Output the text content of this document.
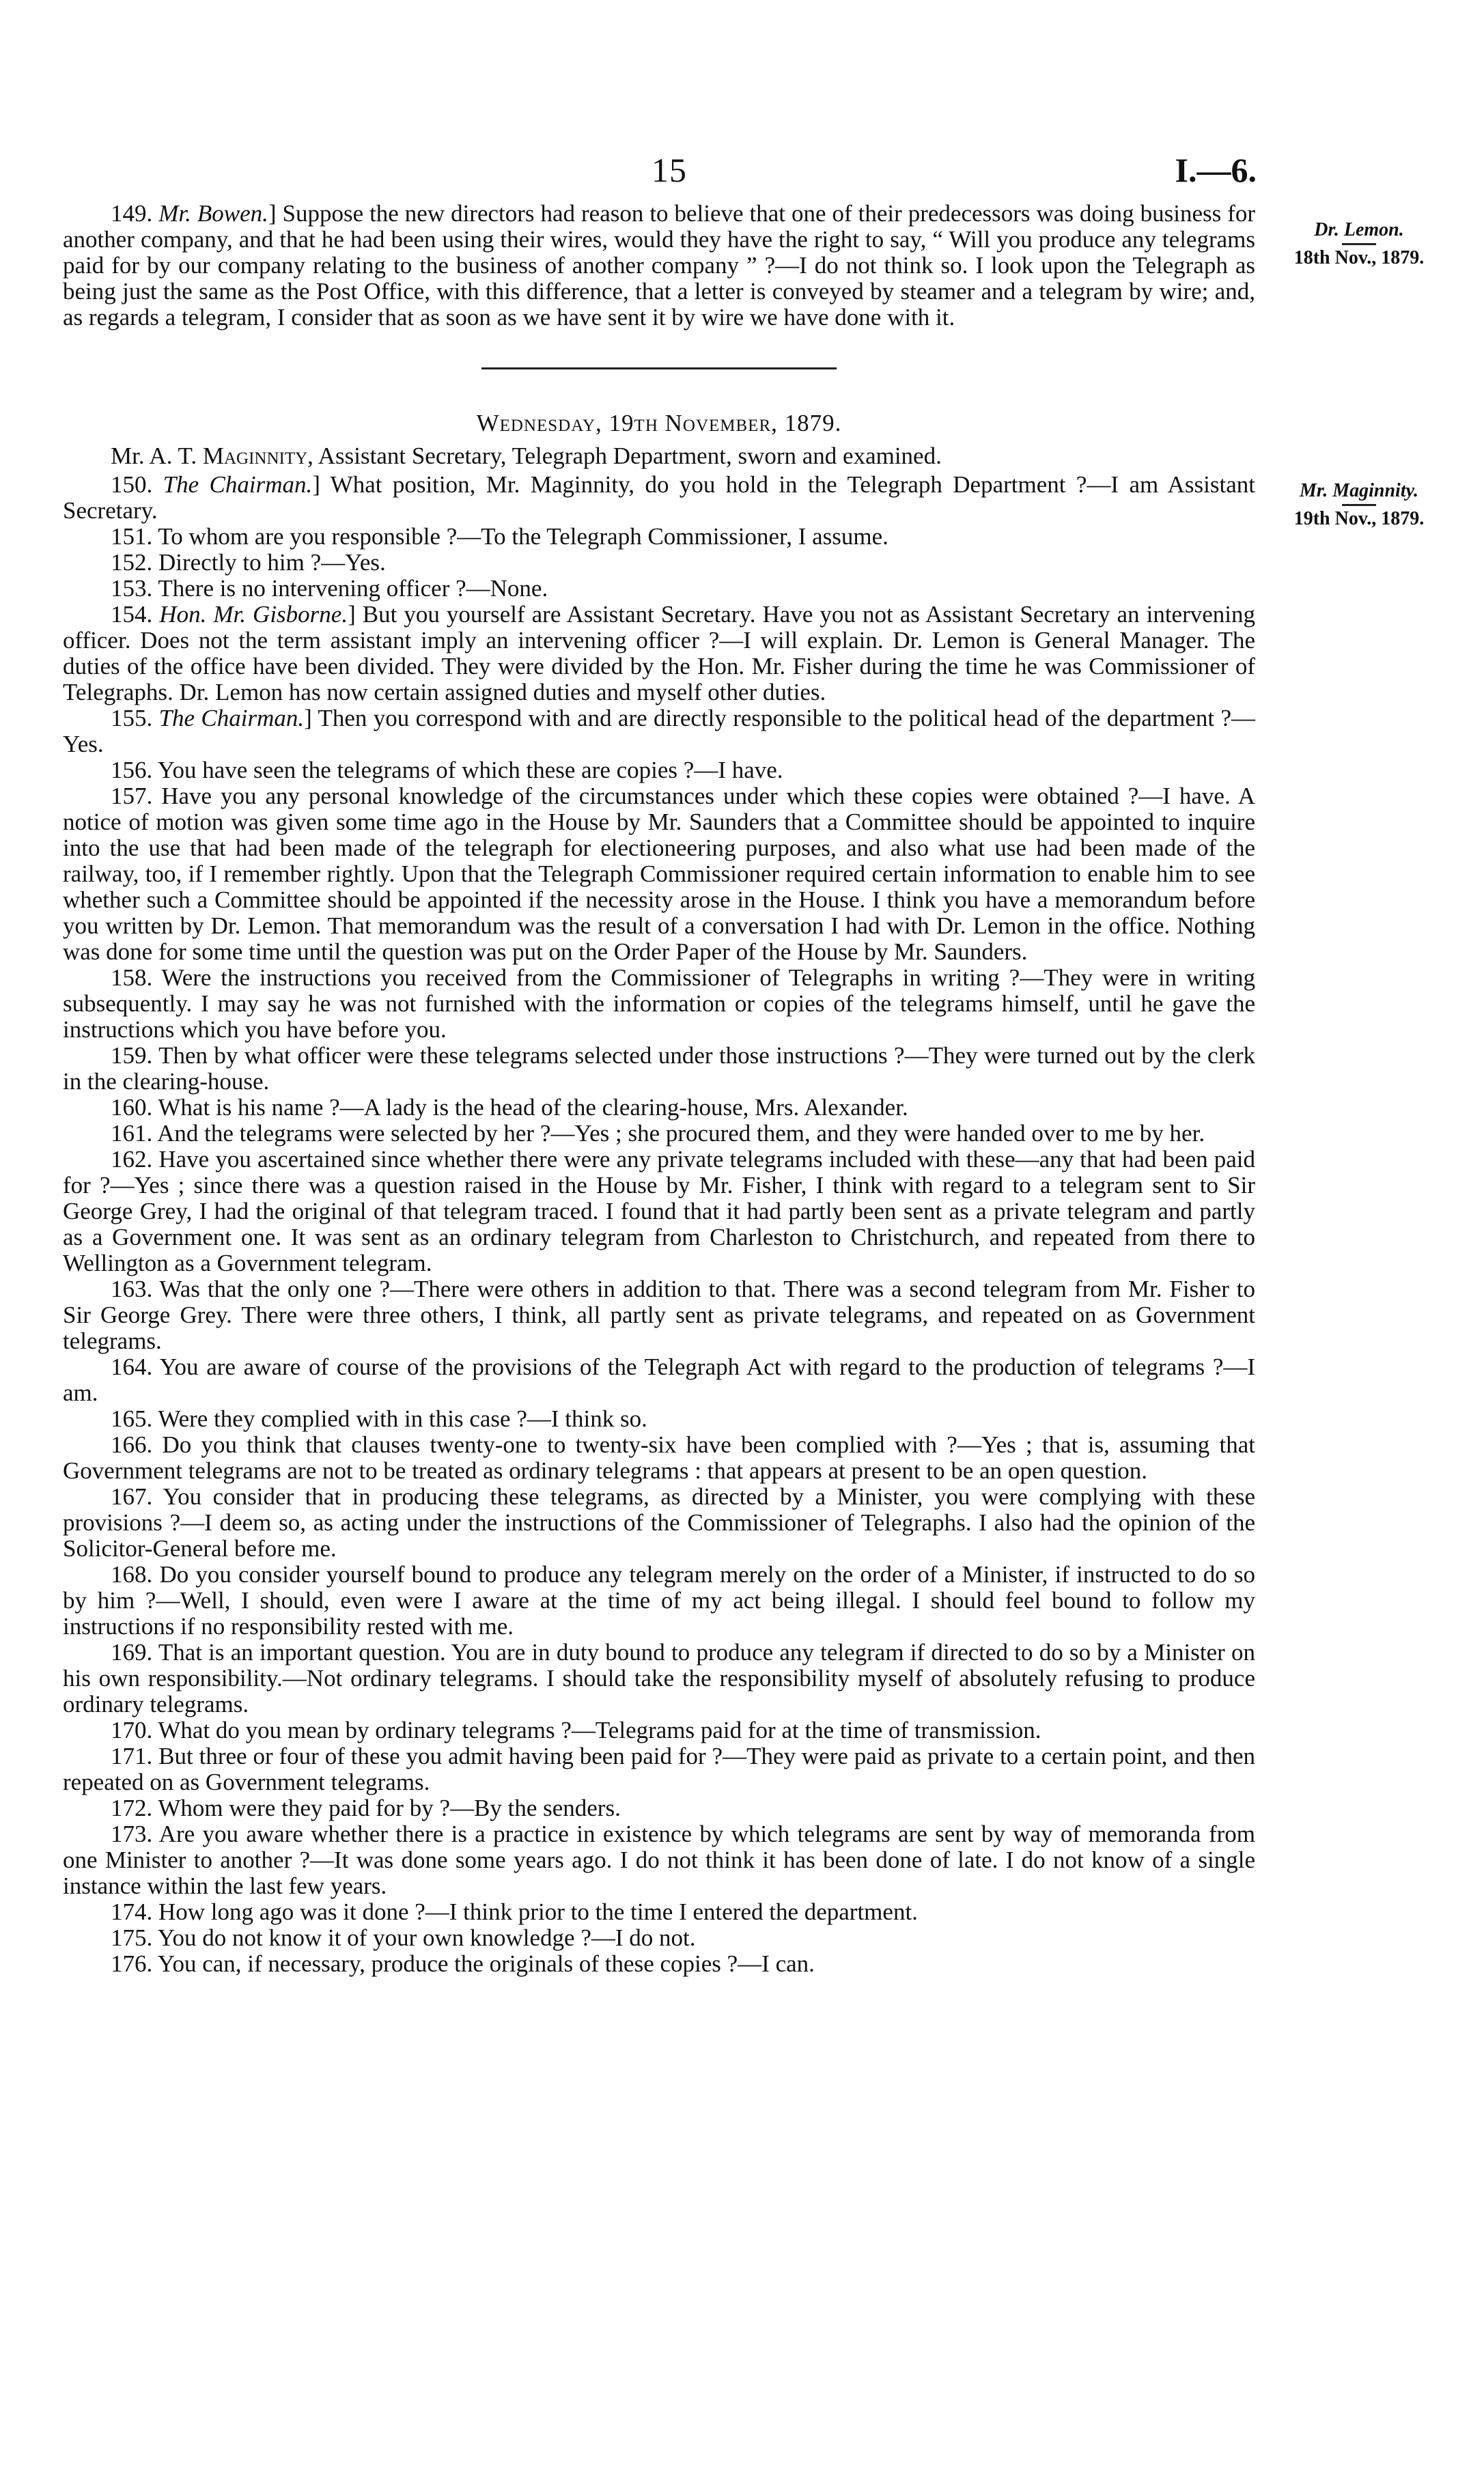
15	I.—6.
Dr. Lemon.
18th Nov., 1879.
Mr. Maginnity.
19th Nov., 1879.

149. Mr. Bowen.] Suppose the new directors had reason to believe that one of their predecessors was doing business for another company, and that he had been using their wires, would they have the right to say, “ Will you produce any telegrams paid for by our company relating to the business of another company ” ?—I do not think so. I look upon the Telegraph as being just the same as the Post Office, with this difference, that a letter is conveyed by steamer and a telegram by wire; and, as regards a telegram, I consider that as soon as we have sent it by wire we have done with it.

Wednesday, 19th November, 1879.

Mr. A. T. Maginnity, Assistant Secretary, Telegraph Department, sworn and examined.

150. The Chairman.] What position, Mr. Maginnity, do you hold in the Telegraph Department ?—I am Assistant Secretary.

151. To whom are you responsible ?—To the Telegraph Commissioner, I assume.

152. Directly to him ?—Yes.

153. There is no intervening officer ?—None.

154. Hon. Mr. Gisborne.] But you yourself are Assistant Secretary. Have you not as Assistant Secretary an intervening officer. Does not the term assistant imply an intervening officer ?—I will explain. Dr. Lemon is General Manager. The duties of the office have been divided. They were divided by the Hon. Mr. Fisher during the time he was Commissioner of Telegraphs. Dr. Lemon has now certain assigned duties and myself other duties.

155. The Chairman.] Then you correspond with and are directly responsible to the political head of the department ?—Yes.

156. You have seen the telegrams of which these are copies ?—I have.

157. Have you any personal knowledge of the circumstances under which these copies were obtained ?—I have. A notice of motion was given some time ago in the House by Mr. Saunders that a Committee should be appointed to inquire into the use that had been made of the telegraph for electioneering purposes, and also what use had been made of the railway, too, if I remember rightly. Upon that the Telegraph Commissioner required certain information to enable him to see whether such a Committee should be appointed if the necessity arose in the House. I think you have a memorandum before you written by Dr. Lemon. That memorandum was the result of a conversation I had with Dr. Lemon in the office. Nothing was done for some time until the question was put on the Order Paper of the House by Mr. Saunders.

158. Were the instructions you received from the Commissioner of Telegraphs in writing ?—They were in writing subsequently. I may say he was not furnished with the information or copies of the telegrams himself, until he gave the instructions which you have before you.

159. Then by what officer were these telegrams selected under those instructions ?—They were turned out by the clerk in the clearing-house.

160. What is his name ?—A lady is the head of the clearing-house, Mrs. Alexander.

161. And the telegrams were selected by her ?—Yes ; she procured them, and they were handed over to me by her.

162. Have you ascertained since whether there were any private telegrams included with these—any that had been paid for ?—Yes ; since there was a question raised in the House by Mr. Fisher, I think with regard to a telegram sent to Sir George Grey, I had the original of that telegram traced. I found that it had partly been sent as a private telegram and partly as a Government one. It was sent as an ordinary telegram from Charleston to Christchurch, and repeated from there to Wellington as a Government telegram.

163. Was that the only one ?—There were others in addition to that. There was a second telegram from Mr. Fisher to Sir George Grey. There were three others, I think, all partly sent as private telegrams, and repeated on as Government telegrams.

164. You are aware of course of the provisions of the Telegraph Act with regard to the production of telegrams ?—I am.

165. Were they complied with in this case ?—I think so.

166. Do you think that clauses twenty-one to twenty-six have been complied with ?—Yes ; that is, assuming that Government telegrams are not to be treated as ordinary telegrams : that appears at present to be an open question.

167. You consider that in producing these telegrams, as directed by a Minister, you were complying with these provisions ?—I deem so, as acting under the instructions of the Commissioner of Telegraphs. I also had the opinion of the Solicitor-General before me.

168. Do you consider yourself bound to produce any telegram merely on the order of a Minister, if instructed to do so by him ?—Well, I should, even were I aware at the time of my act being illegal. I should feel bound to follow my instructions if no responsibility rested with me.

169. That is an important question. You are in duty bound to produce any telegram if directed to do so by a Minister on his own responsibility.—Not ordinary telegrams. I should take the responsibility myself of absolutely refusing to produce ordinary telegrams.

170. What do you mean by ordinary telegrams ?—Telegrams paid for at the time of transmission.

171. But three or four of these you admit having been paid for ?—They were paid as private to a certain point, and then repeated on as Government telegrams.

172. Whom were they paid for by ?—By the senders.

173. Are you aware whether there is a practice in existence by which telegrams are sent by way of memoranda from one Minister to another ?—It was done some years ago. I do not think it has been done of late. I do not know of a single instance within the last few years.

174. How long ago was it done ?—I think prior to the time I entered the department.

175. You do not know it of your own knowledge ?—I do not.

176. You can, if necessary, produce the originals of these copies ?—I can.
